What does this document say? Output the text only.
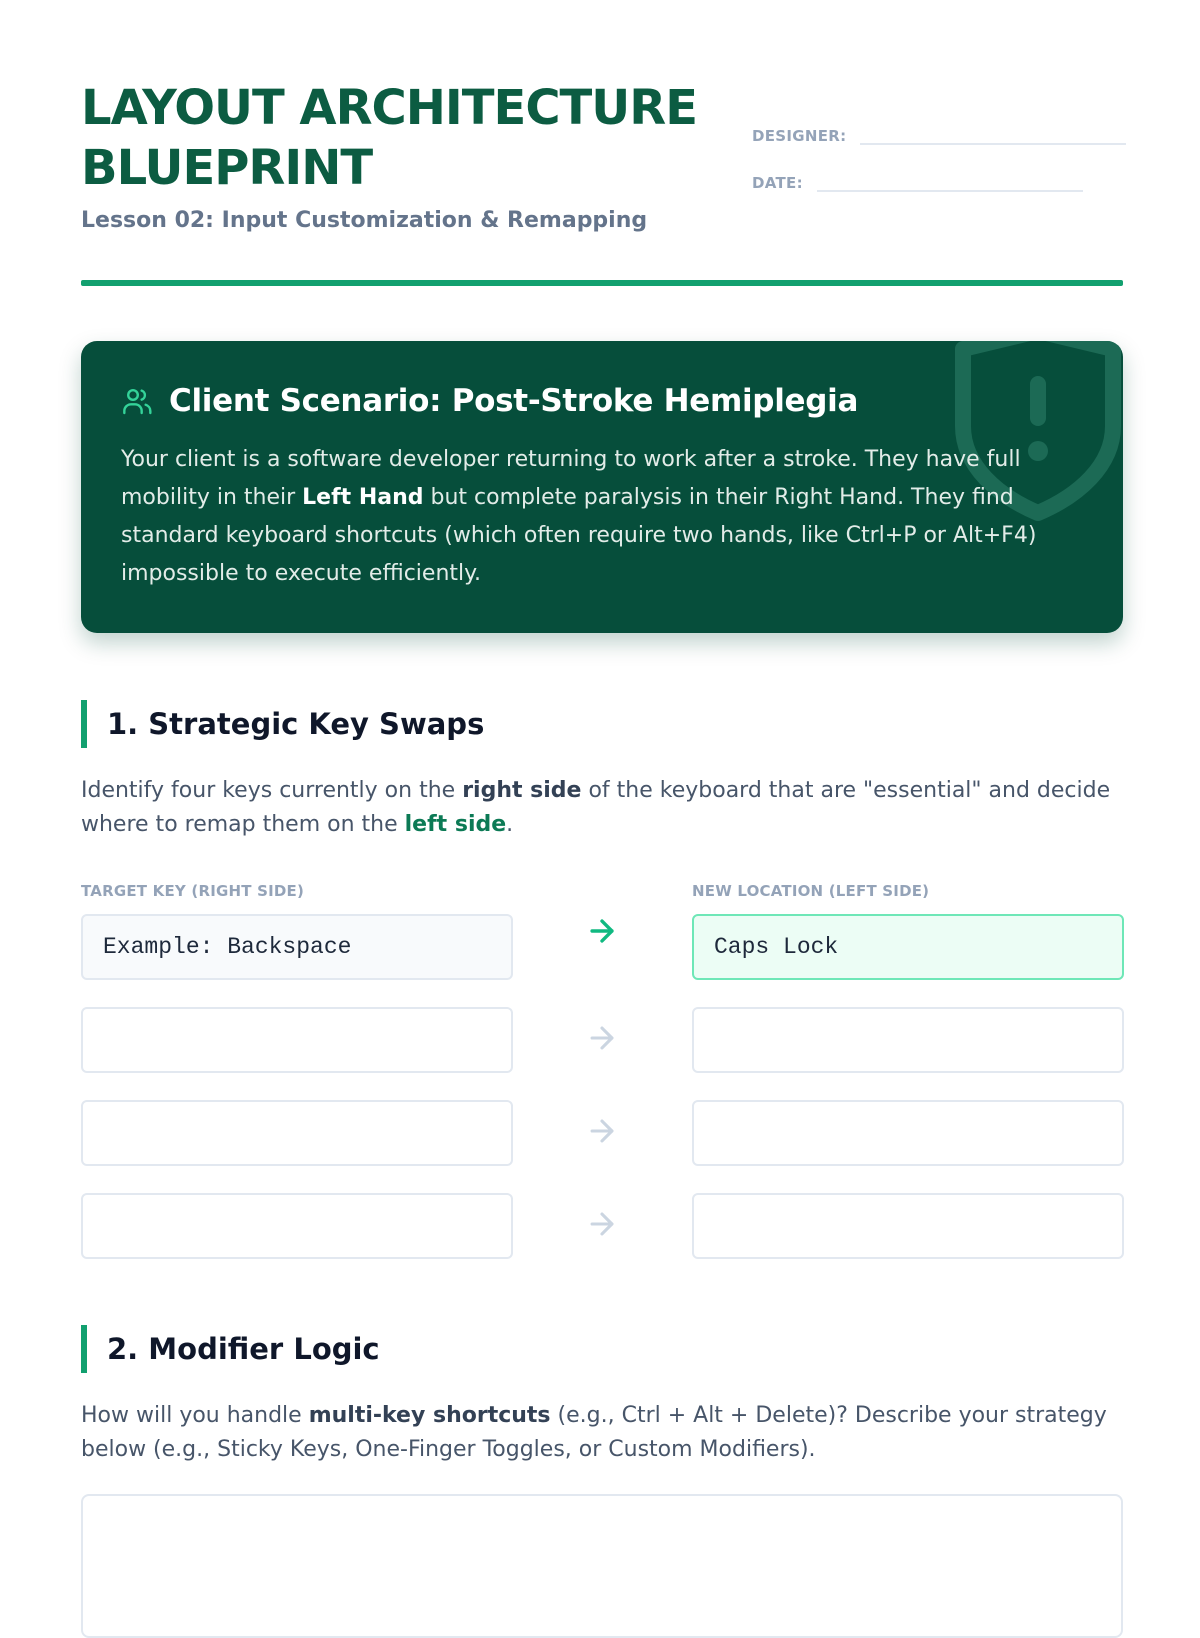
LAYOUT ARCHITECTURE
BLUEPRINT

Lesson 02: Input Customization & Remapping

DESIGNER:
DATE:
Client Scenario: Post-Stroke Hemiplegia

Your client is a software developer returning to work after a stroke. They have full mobility in their Left Hand but complete paralysis in their Right Hand. They find standard keyboard shortcuts (which often require two hands, like Ctrl+P or Alt+F4) impossible to execute efficiently.

1. Strategic Key Swaps

Identify four keys currently on the right side of the keyboard that are "essential" and decide where to remap them on the left side.

TARGET KEY (RIGHT SIDE)	NEW LOCATION (LEFT SIDE)
Example: Backspace	Caps Lock
2. Modifier Logic

How will you handle multi-key shortcuts (e.g., Ctrl + Alt + Delete)? Describe your strategy below (e.g., Sticky Keys, One-Finger Toggles, or Custom Modifiers).
